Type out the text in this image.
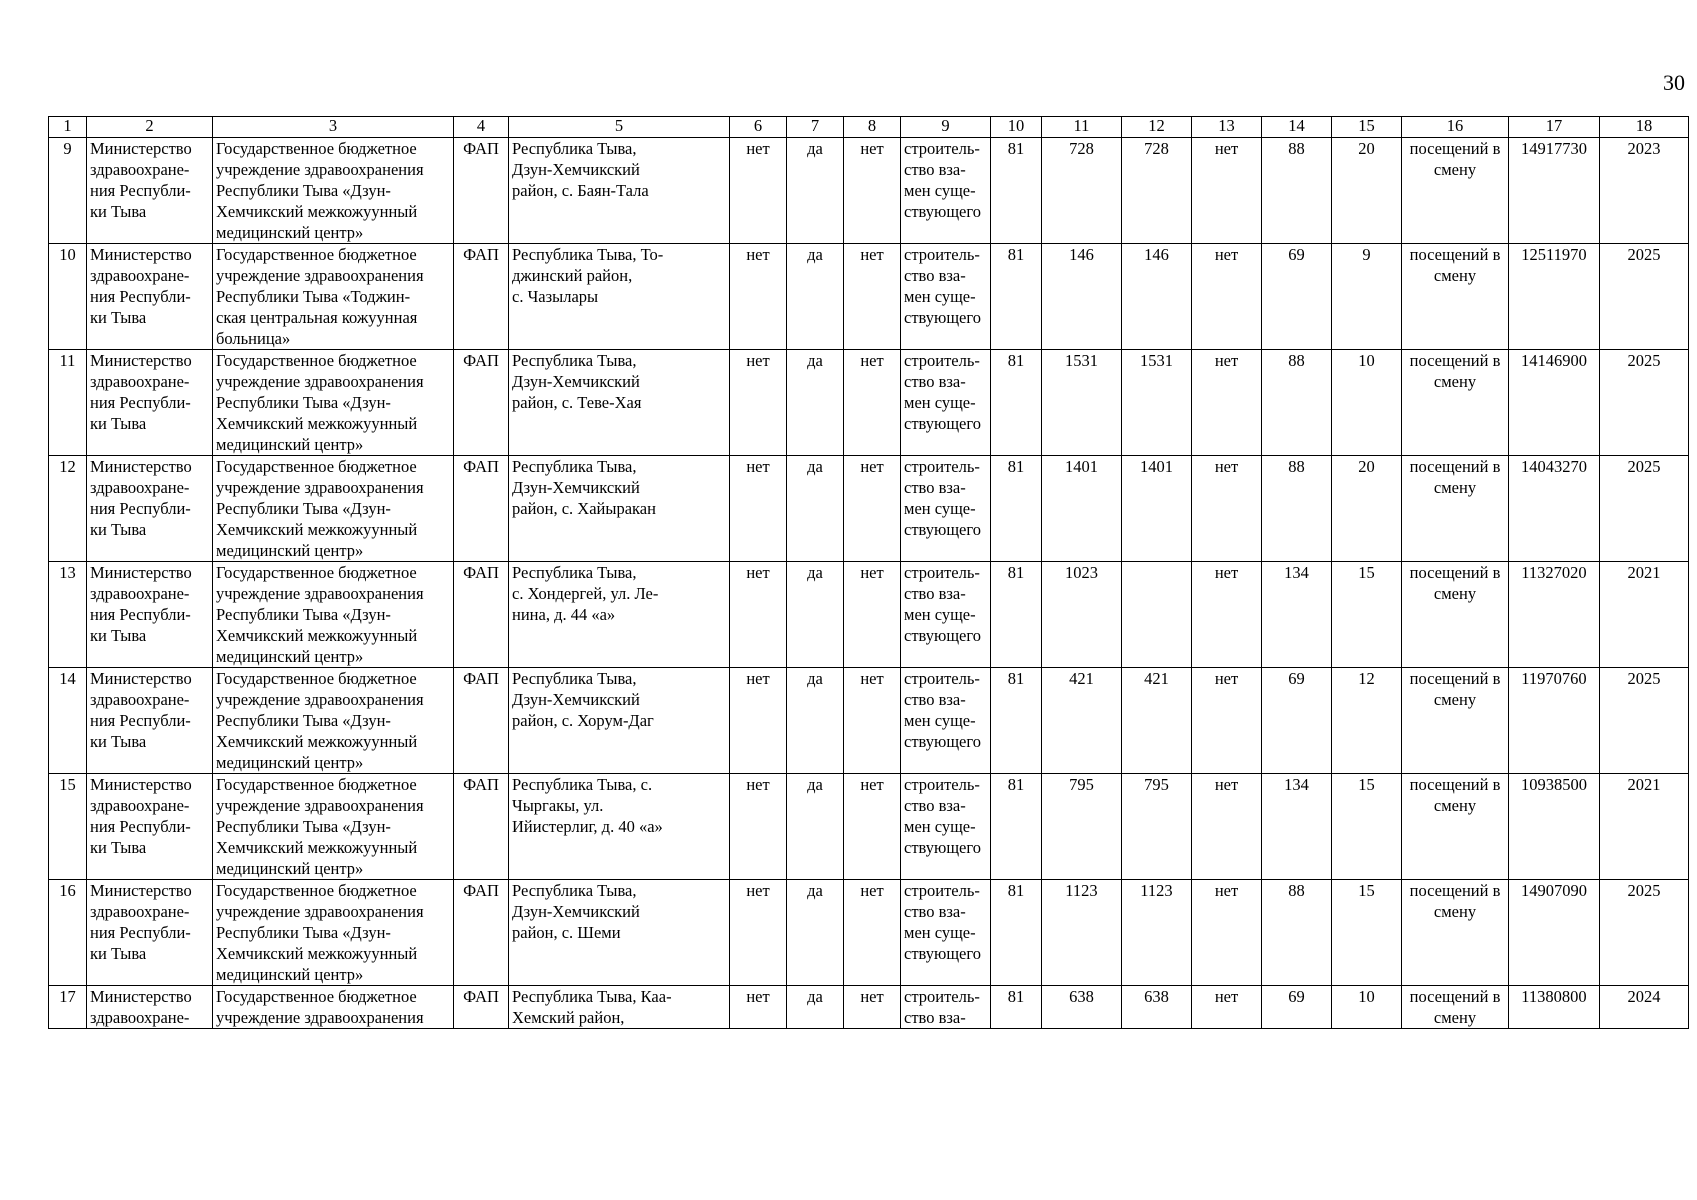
30
1	2	3	4	5	6	7	8	9	10	11	12	13	14	15	16	17	18
9	Министерство
здравоохране-
ния Республи-
ки Тыва	Государственное бюджетное
учреждение здравоохранения
Республики Тыва «Дзун-
Хемчикский межкожуунный
медицинский центр»	ФАП	Республика Тыва,
Дзун-Хемчикский
район, с. Баян-Тала	нет	да	нет	строитель-
ство вза-
мен суще-
ствующего	81	728	728	нет	88	20	посещений в
смену	14917730	2023
10	Министерство
здравоохране-
ния Республи-
ки Тыва	Государственное бюджетное
учреждение здравоохранения
Республики Тыва «Тоджин-
ская центральная кожуунная
больница»	ФАП	Республика Тыва, То-
джинский район,
с. Чазылары	нет	да	нет	строитель-
ство вза-
мен суще-
ствующего	81	146	146	нет	69	9	посещений в
смену	12511970	2025
11	Министерство
здравоохране-
ния Республи-
ки Тыва	Государственное бюджетное
учреждение здравоохранения
Республики Тыва «Дзун-
Хемчикский межкожуунный
медицинский центр»	ФАП	Республика Тыва,
Дзун-Хемчикский
район, с. Теве-Хая	нет	да	нет	строитель-
ство вза-
мен суще-
ствующего	81	1531	1531	нет	88	10	посещений в
смену	14146900	2025
12	Министерство
здравоохране-
ния Республи-
ки Тыва	Государственное бюджетное
учреждение здравоохранения
Республики Тыва «Дзун-
Хемчикский межкожуунный
медицинский центр»	ФАП	Республика Тыва,
Дзун-Хемчикский
район, с. Хайыракан	нет	да	нет	строитель-
ство вза-
мен суще-
ствующего	81	1401	1401	нет	88	20	посещений в
смену	14043270	2025
13	Министерство
здравоохране-
ния Республи-
ки Тыва	Государственное бюджетное
учреждение здравоохранения
Республики Тыва «Дзун-
Хемчикский межкожуунный
медицинский центр»	ФАП	Республика Тыва,
с. Хондергей, ул. Ле-
нина, д. 44 «а»	нет	да	нет	строитель-
ство вза-
мен суще-
ствующего	81	1023		нет	134	15	посещений в
смену	11327020	2021
14	Министерство
здравоохране-
ния Республи-
ки Тыва	Государственное бюджетное
учреждение здравоохранения
Республики Тыва «Дзун-
Хемчикский межкожуунный
медицинский центр»	ФАП	Республика Тыва,
Дзун-Хемчикский
район, с. Хорум-Даг	нет	да	нет	строитель-
ство вза-
мен суще-
ствующего	81	421	421	нет	69	12	посещений в
смену	11970760	2025
15	Министерство
здравоохране-
ния Республи-
ки Тыва	Государственное бюджетное
учреждение здравоохранения
Республики Тыва «Дзун-
Хемчикский межкожуунный
медицинский центр»	ФАП	Республика Тыва, с.
Чыргакы, ул.
Ийистерлиг, д. 40 «а»	нет	да	нет	строитель-
ство вза-
мен суще-
ствующего	81	795	795	нет	134	15	посещений в
смену	10938500	2021
16	Министерство
здравоохране-
ния Республи-
ки Тыва	Государственное бюджетное
учреждение здравоохранения
Республики Тыва «Дзун-
Хемчикский межкожуунный
медицинский центр»	ФАП	Республика Тыва,
Дзун-Хемчикский
район, с. Шеми	нет	да	нет	строитель-
ство вза-
мен суще-
ствующего	81	1123	1123	нет	88	15	посещений в
смену	14907090	2025
17	Министерство
здравоохране-	Государственное бюджетное
учреждение здравоохранения	ФАП	Республика Тыва, Каа-
Хемский район,	нет	да	нет	строитель-
ство вза-	81	638	638	нет	69	10	посещений в
смену	11380800	2024
